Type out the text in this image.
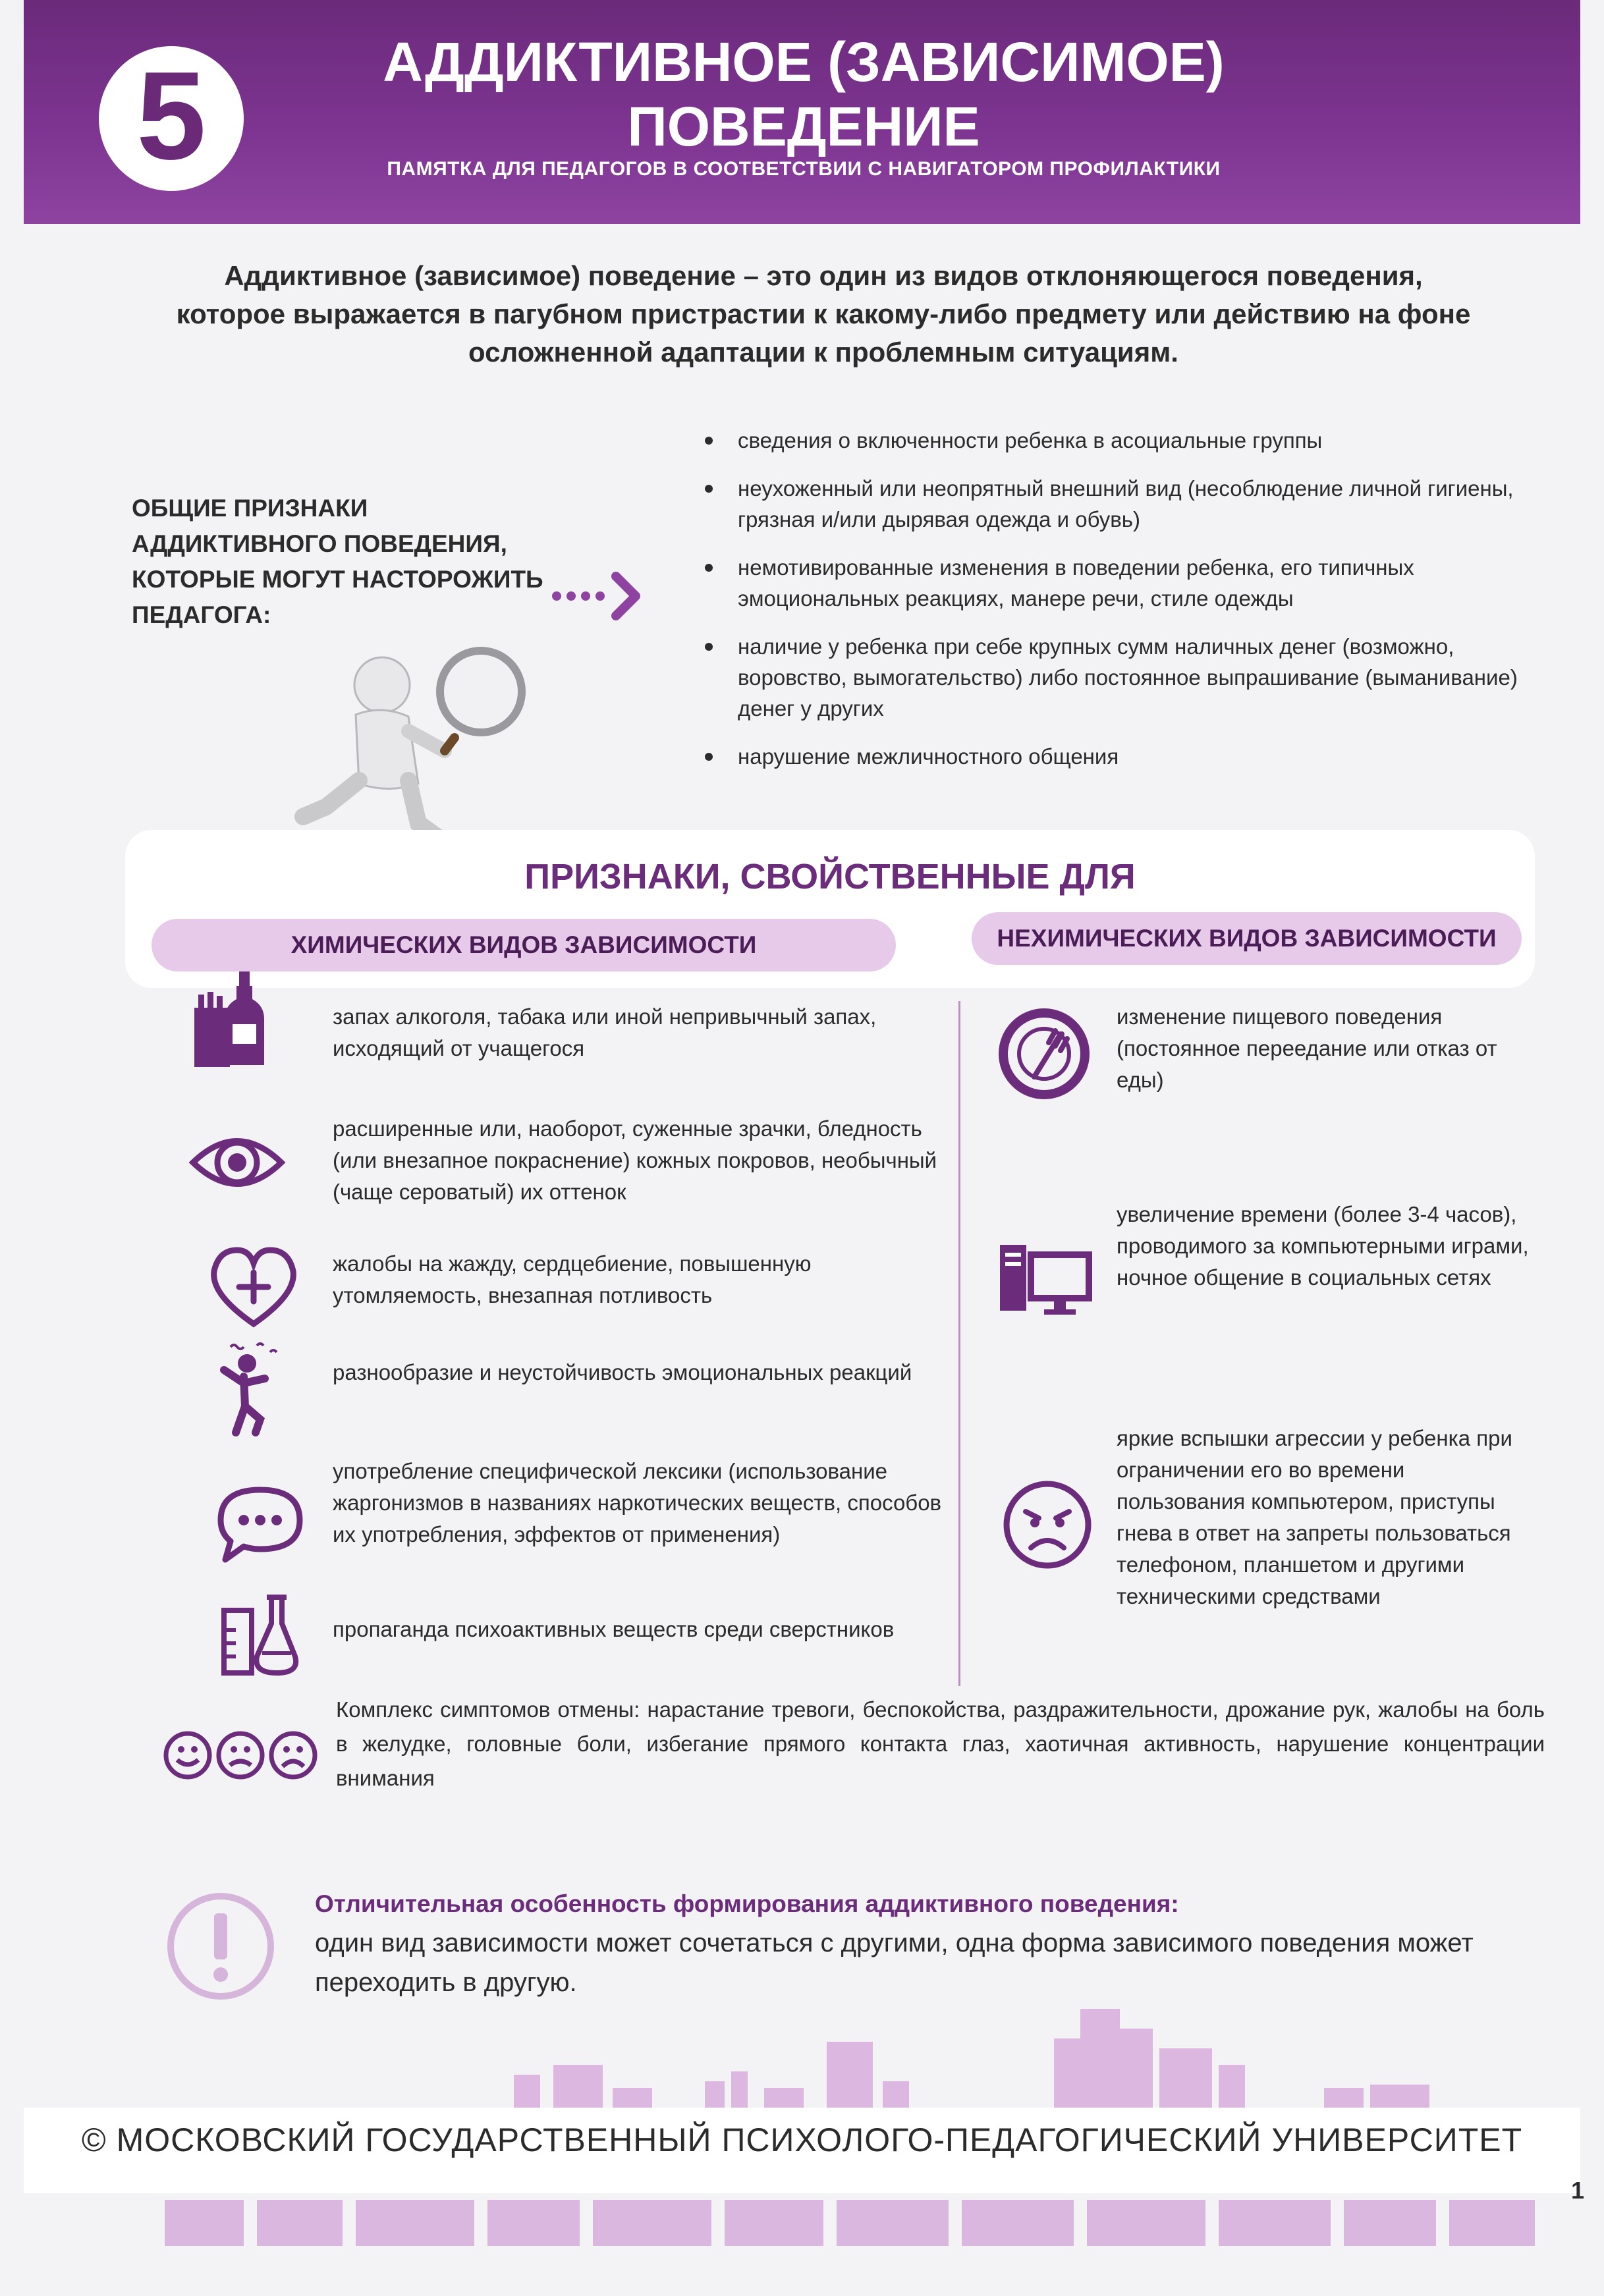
5	АДДИКТИВНОЕ (ЗАВИСИМОЕ)
ПОВЕДЕНИЕ
ПАМЯТКА ДЛЯ ПЕДАГОГОВ В СООТВЕТСТВИИ С НАВИГАТОРОМ ПРОФИЛАКТИКИ
Аддиктивное (зависимое) поведение – это один из видов отклоняющегося поведения, которое выражается в пагубном пристрастии к какому-либо предмету или действию на фоне осложненной адаптации к проблемным ситуациям.
ОБЩИЕ ПРИЗНАКИ АДДИКТИВНОГО ПОВЕДЕНИЯ, КОТОРЫЕ МОГУТ НАСТОРОЖИТЬ ПЕДАГОГА:
сведения о включенности ребенка в асоциальные группы
неухоженный или неопрятный внешний вид (несоблюдение личной гигиены, грязная и/или дырявая одежда и обувь)
немотивированные изменения в поведении ребенка, его типичных эмоциональных реакциях, манере речи, стиле одежды
наличие у ребенка при себе крупных сумм наличных денег (возможно, воровство, вымогательство) либо постоянное выпрашивание (выманивание) денег у других
нарушение межличностного общения
ПРИЗНАКИ, СВОЙСТВЕННЫЕ ДЛЯ
ХИМИЧЕСКИХ ВИДОВ ЗАВИСИМОСТИ	НЕХИМИЧЕСКИХ ВИДОВ ЗАВИСИМОСТИ
запах алкоголя, табака или иной непривычный запах, исходящий от учащегося
расширенные или, наоборот, суженные зрачки, бледность (или внезапное покраснение) кожных покровов, необычный (чаще сероватый) их оттенок
жалобы на жажду, сердцебиение, повышенную утомляемость, внезапная потливость
разнообразие и неустойчивость эмоциональных реакций
употребление специфической лексики (использование жаргонизмов в названиях наркотических веществ, способов их употребления, эффектов от применения)
пропаганда психоактивных веществ среди сверстников
изменение пищевого поведения (постоянное переедание или отказ от еды)
увеличение времени (более 3-4 часов), проводимого за компьютерными играми, ночное общение в социальных сетях
яркие вспышки агрессии у ребенка при ограничении его во времени пользования компьютером, приступы гнева в ответ на запреты пользоваться телефоном, планшетом и другими техническими средствами
Комплекс симптомов отмены: нарастание тревоги, беспокойства, раздражительности, дрожание рук, жалобы на боль в желудке, головные боли, избегание прямого контакта глаз, хаотичная активность, нарушение концентрации внимания
Отличительная особенность формирования аддиктивного поведения:
один вид зависимости может сочетаться с другими, одна форма зависимого поведения может переходить в другую.
© МОСКОВСКИЙ ГОСУДАРСТВЕННЫЙ ПСИХОЛОГО-ПЕДАГОГИЧЕСКИЙ УНИВЕРСИТЕТ
1
